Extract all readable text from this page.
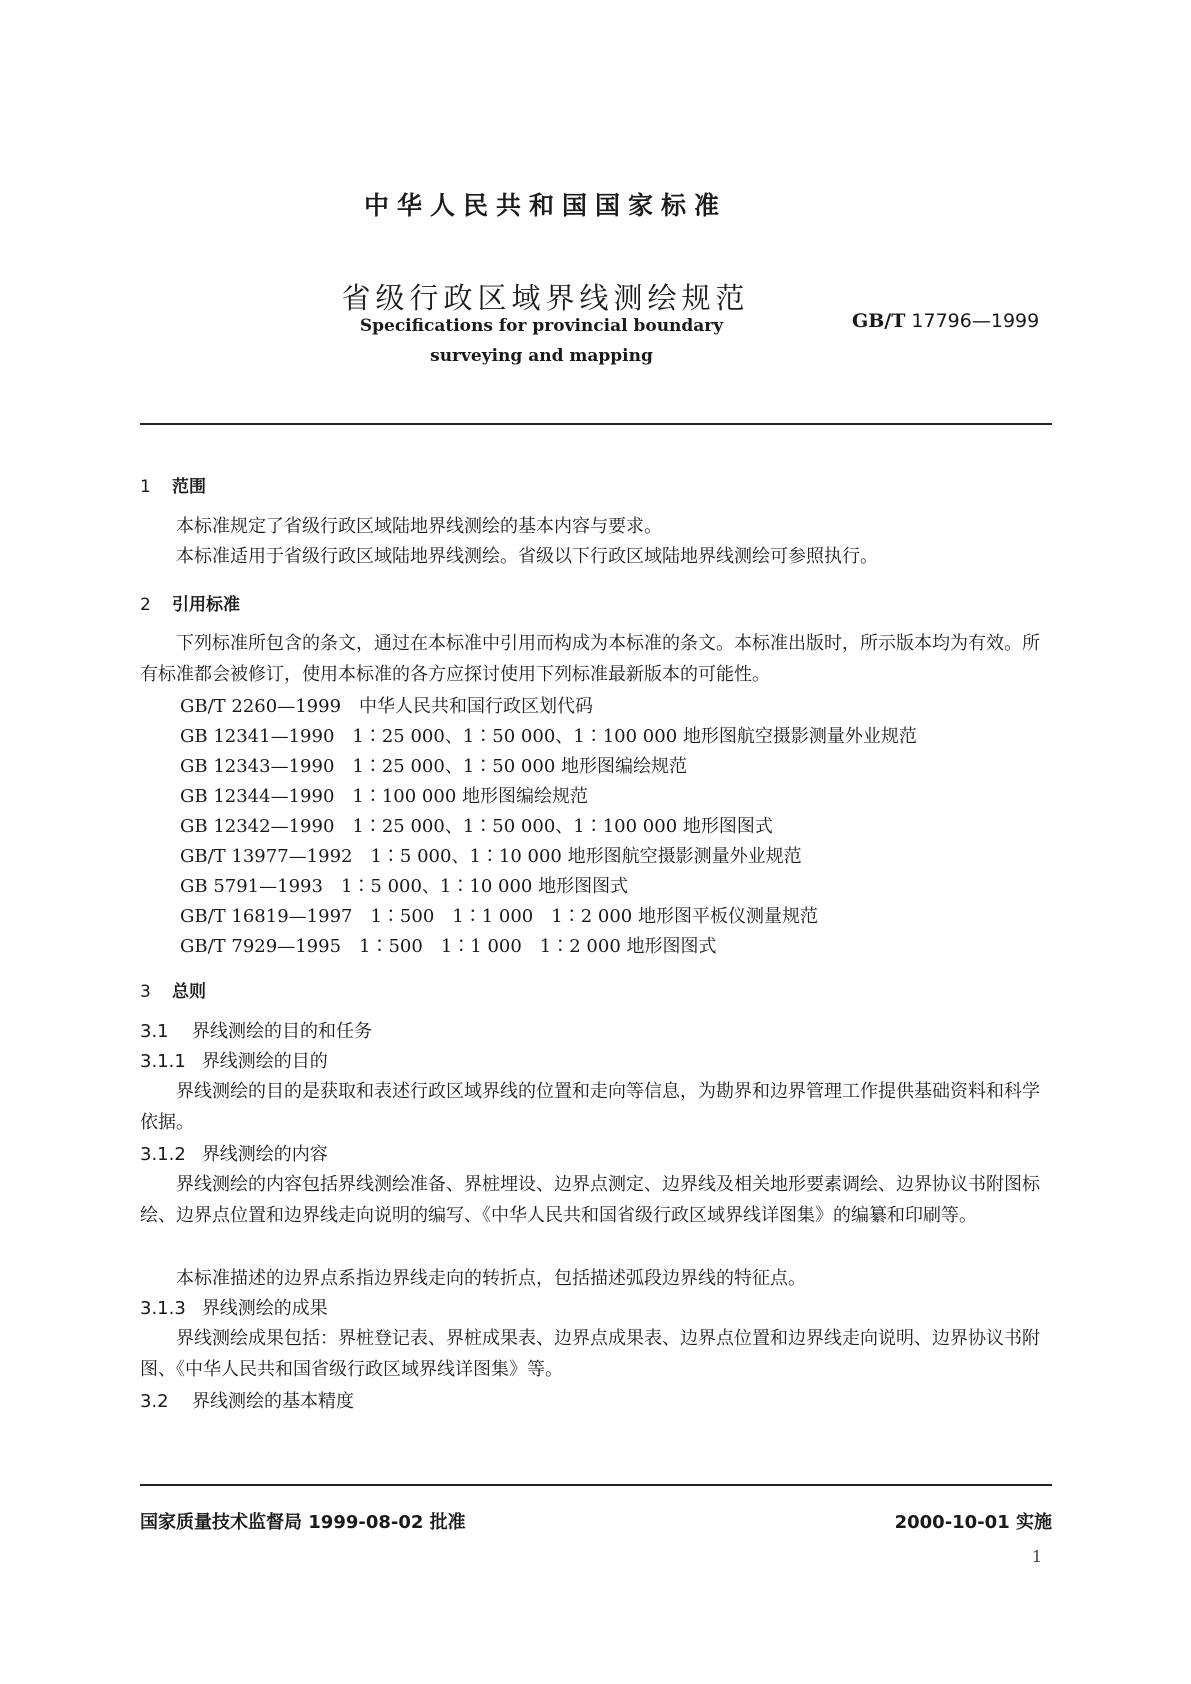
中华人民共和国国家标准
省级行政区域界线测绘规范
GB/T 17796—1999
Specifications for provincial boundary
surveying and mapping
1 范围
本标准规定了省级行政区域陆地界线测绘的基本内容与要求。
本标准适用于省级行政区域陆地界线测绘。省级以下行政区域陆地界线测绘可参照执行。
2 引用标准
下列标准所包含的条文，通过在本标准中引用而构成为本标准的条文。本标准出版时，所示版本均为有效。所有标准都会被修订，使用本标准的各方应探讨使用下列标准最新版本的可能性。
GB/T 2260—1999　中华人民共和国行政区划代码
GB 12341—1990　1∶25 000、1∶50 000、1∶100 000 地形图航空摄影测量外业规范
GB 12343—1990　1∶25 000、1∶50 000 地形图编绘规范
GB 12344—1990　1∶100 000 地形图编绘规范
GB 12342—1990　1∶25 000、1∶50 000、1∶100 000 地形图图式
GB/T 13977—1992　1∶5 000、1∶10 000 地形图航空摄影测量外业规范
GB 5791—1993　1∶5 000、1∶10 000 地形图图式
GB/T 16819—1997　1∶500　1∶1 000　1∶2 000 地形图平板仪测量规范
GB/T 7929—1995　1∶500　1∶1 000　1∶2 000 地形图图式
3 总则
3.1 界线测绘的目的和任务
3.1.1 界线测绘的目的
界线测绘的目的是获取和表述行政区域界线的位置和走向等信息，为勘界和边界管理工作提供基础资料和科学依据。
3.1.2 界线测绘的内容
界线测绘的内容包括界线测绘准备、界桩埋设、边界点测定、边界线及相关地形要素调绘、边界协议书附图标绘、边界点位置和边界线走向说明的编写、《中华人民共和国省级行政区域界线详图集》的编纂和印刷等。
本标准描述的边界点系指边界线走向的转折点，包括描述弧段边界线的特征点。
3.1.3 界线测绘的成果
界线测绘成果包括：界桩登记表、界桩成果表、边界点成果表、边界点位置和边界线走向说明、边界协议书附图、《中华人民共和国省级行政区域界线详图集》等。
3.2 界线测绘的基本精度
国家质量技术监督局 1999-08-02 批准	2000-10-01 实施
1
